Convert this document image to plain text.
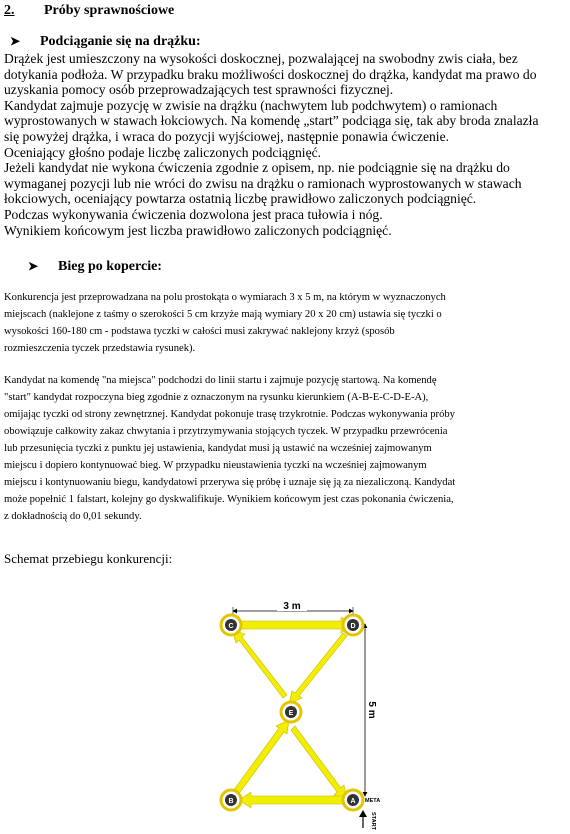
2. Próby sprawnościowe
➤ Podciąganie się na drążku:
Drążek jest umieszczony na wysokości doskocznej, pozwalającej na swobodny zwis ciała, bez
dotykania podłoża. W przypadku braku możliwości doskocznej do drążka, kandydat ma prawo do
uzyskania pomocy osób przeprowadzających test sprawności fizycznej.
Kandydat zajmuje pozycję w zwisie na drążku (nachwytem lub podchwytem) o ramionach
wyprostowanych w stawach łokciowych. Na komendę „start” podciąga się, tak aby broda znalazła
się powyżej drążka, i wraca do pozycji wyjściowej, następnie ponawia ćwiczenie.
Oceniający głośno podaje liczbę zaliczonych podciągnięć.
Jeżeli kandydat nie wykona ćwiczenia zgodnie z opisem, np. nie podciągnie się na drążku do
wymaganej pozycji lub nie wróci do zwisu na drążku o ramionach wyprostowanych w stawach
łokciowych, oceniający powtarza ostatnią liczbę prawidłowo zaliczonych podciągnięć.
Podczas wykonywania ćwiczenia dozwolona jest praca tułowia i nóg.
Wynikiem końcowym jest liczba prawidłowo zaliczonych podciągnięć.
➤ Bieg po kopercie:
Konkurencja jest przeprowadzana na polu prostokąta o wymiarach 3 x 5 m, na którym w wyznaczonych
miejscach (naklejone z taśmy o szerokości 5 cm krzyże mają wymiary 20 x 20 cm) ustawia się tyczki o
wysokości 160-180 cm - podstawa tyczki w całości musi zakrywać naklejony krzyż (sposób
rozmieszczenia tyczek przedstawia rysunek).
Kandydat na komendę "na miejsca" podchodzi do linii startu i zajmuje pozycję startową. Na komendę
"start" kandydat rozpoczyna bieg zgodnie z oznaczonym na rysunku kierunkiem (A-B-E-C-D-E-A),
omijając tyczki od strony zewnętrznej. Kandydat pokonuje trasę trzykrotnie. Podczas wykonywania próby
obowiązuje całkowity zakaz chwytania i przytrzymywania stojących tyczek. W przypadku przewrócenia
lub przesunięcia tyczki z punktu jej ustawienia, kandydat musi ją ustawić na wcześniej zajmowanym
miejscu i dopiero kontynuować bieg. W przypadku nieustawienia tyczki na wcześniej zajmowanym
miejscu i kontynuowaniu biegu, kandydatowi przerywa się próbę i uznaje się ją za niezaliczoną. Kandydat
może popełnić 1 falstart, kolejny go dyskwalifikuje. Wynikiem końcowym jest czas pokonania ćwiczenia,
z dokładnością do 0,01 sekundy.
Schemat przebiegu konkurencji:
3 m
5 m
C	D
E
B	A META
START
